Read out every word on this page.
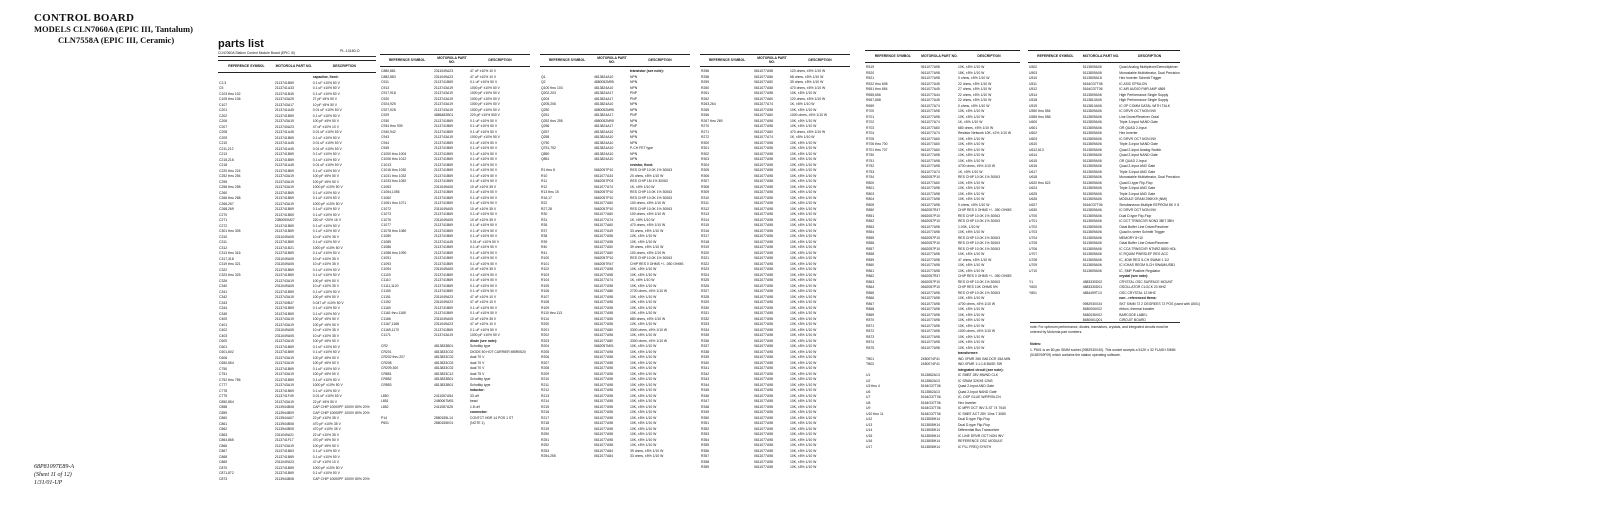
CONTROL BOARD
MODELS CLN7060A (EPIC III, Tantalum)
CLN7558A (EPIC III, Ceramic)	parts list
CLN7060A Station Control Module Board (EPIC III)	PL-13180-O
REFERENCE SYMBOL	MOTOROLA PART NO.	DESCRIPTION
capacitor, fixed:
C2,3	2113741B69	0.1 uF ±10% 50 V
C5	2113741A33	0.1 uF ±10% 50 V
C103 thru 102	2113741B45	0.1 uF ±10% 50 V
C105 thru 106	2113743A25	27 pF ±5% 50 V
C107	2113743A17	10 pF ±5% 50 V
C201	2113741A45	0.01 uF ±10% 50 V
C202	2113741B69	0.1 uF ±10% 50 V
C206	2113743A19	100 pF ±5% 50 V
C207	2113740A23	47 uF ±10% 10 V
C208	2113741A45	0.01 uF ±10% 50 V
C209	2113741B69	0.1 uF ±10% 50 V
C210	2113741A45	0.01 uF ±10% 50 V
C211,212	2113741A45	0.01 uF ±10% 50 V
C213	2113741B69	0.1 uF ±10% 50 V
C215,216	2113741B69	0.1 uF ±10% 50 V
C218	2113741A45	0.01 uF ±10% 50 V
C220 thru 224	2113741B69	0.1 uF ±10% 50 V
C252 thru 254	2113743A19	100 pF ±5% 50 V
C255	2113743A19	100 pF ±5% 50 V
C256 thru 258	2113743A19	1000 pF ±10% 50 V
C260	2113741B69	0.1 uF ±10% 50 V
C266 thru 268	2113741B69	0.1 uF ±10% 50 V
C266,267	2113743A19	1000 pF ±10% 50 V
C268,269	2113741B69	0.1 uF ±10% 50 V
C270	2113741B69	0.1 uF ±10% 50 V
C271	2380090M27	220 uF +20% 16 V
C272	2113741B69	0.1 uF ±10% 50 V
C301 thru 305	2113741B69	0.1 uF ±10% 50 V
C310	2311049A05	10 uF ±10% 35 V
C311	2113741B69	0.1 uF ±10% 50 V
C312	2113741B21	1000 pF ±10% 50 V
C313 thru 316	2113741B69	0.1 uF ±10% 50 V
C317,318	2311049A05	10 uF ±10% 35 V
C319 thru 321	2311049A05	10 uF ±10% 35 V
C322	2113741B69	0.1 uF ±10% 50 V
C323 thru 325	2113741B69	0.1 uF ±10% 50 V
C326	2113743A19	100 pF ±5% 50 V
C340	2311049A05	10 uF ±10% 35 V
C341	2113741B69	0.1 uF ±10% 50 V
C342	2113743A19	100 pF ±5% 50 V
C343	2113740B47	0.047 uF ±10% 50 V
C344	2113741B69	0.1 uF ±10% 50 V
C345	2113741B69	0.1 uF ±10% 50 V
C400	2113743A19	100 pF ±5% 50 V
C401	2113743A19	100 pF ±5% 50 V
C402	2311049A05	10 uF ±10% 35 V
C403	2311049A05	10 uF ±10% 35 V
C600	2113743A19	100 pF ±5% 50 V
C601	2113741B69	0.1 uF ±10% 50 V
C601,602	2113741B69	0.1 uF ±10% 50 V
C606	2113743A19	100 pF ±5% 50 V
C650,654	2113743A19	100 pF ±5% 50 V
C750	2113741B69	0.1 uF ±10% 50 V
C751	2113743A19	100 pF ±5% 50 V
C752 thru 756	2113741B69	0.1 uF ±10% 50 V
C777	2113743A19	1000 pF ±10% 50 V
C778	2113741B69	0.1 uF ±10% 50 V
C779	2113741F49	0.01 uF ±10% 50 V
C850,854	2113743A19	22 pF ±5% 50 V
C858	2113944B08	CAP CHIP 10000PF 1000V 80% 20%
C859	2113944B09	CAP CHIP 10000PF 1000V 80% 20%
C860	2113944A07	22 pF ±10% 35 V
C861	2113944B08	470 pF ±10% 35 V
C862	2113944B05	470 pF ±10% 35 V
C863	2311049A21	22 uF ±10% 35 V
C864,865	2113741F17	470 pF ±5% 50 V
C866	2113743A19	100 pF ±5% 50 V
C867	2113741B63	0.1 uF ±10% 50 V
C868	2113741B69	0.1 uF ±10% 50 V
C869	2311049A23	47 uF ±10% 10 V
C870	2113741B69	1000 pF ±10% 50 V
C871,872	2113741B69	0.1 uF ±10% 50 V
C873	2113944B08	CAP CHIP 10000PF 1000V 80% 20%
REFERENCE SYMBOL	MOTOROLA PART NO.	DESCRIPTION
C880,881	2311049A23	47 uF ±10% 10 V
C882,883	2311049A23	47 uF ±10% 10 V
C911	2113741B69	0.1 uF ±10% 50 V
C913	2113743A19	1000 pF ±10% 50 V
C917,918	2113743A19	1000 pF ±10% 50 V
C920	2113743A19	1000 pF ±10% 50 V
C924,925	2113743A19	1000 pF ±10% 50 V
C927,928	2113743A19	1000 pF ±10% 50 V
C929	4886482B01	220 pF ±10% 500 V
C930	2113741B69	0.1 uF ±10% 50 V
C934 thru 939	2113741B69	0.1 uF ±10% 50 V
C940,942	2113741B69	0.1 uF ±10% 50 V
C943	2113743A19	1000 pF ±10% 50 V
C944	2113741B69	0.1 uF ±10% 50 V
C945	2113741B69	0.1 uF ±10% 50 V
C1000 thru 1004	2113741B69	0.1 uF ±10% 50 V
C1006 thru 1012	2113741B69	0.1 uF ±10% 50 V
C1013	2113741B69	0.1 uF ±10% 50 V
C1016 thru 1030	2113741B69	0.1 uF ±10% 50 V
C1031 thru 1032	2113741B69	0.1 uF ±10% 50 V
C1033 thru 1052	2113741B69	0.1 uF ±10% 50 V
C1053	2311049A05	10 uF ±10% 35 V
C1054,1055	2113741B69	0.1 uF ±10% 50 V
C1060	2113741B69	0.1 uF ±10% 50 V
C1061 thru 1071	2113741B69	0.1 uF ±10% 50 V
C1072	2311049A05	10 uF ±10% 35 V
C1073	2113741B69	0.1 uF ±10% 50 V
C1076	2311049A05	10 uF ±10% 35 V
C1077	2113741B69	0.1 uF ±10% 50 V
C1078 thru 1080	2113741B69	0.1 uF ±10% 50 V
C1080	2113741B69	0.1 uF ±10% 50 V
C1085	2113741A45	0.01 uF ±10% 50 V
C1086	2113741B69	0.1 uF ±10% 50 V
C1088 thru 1090	2113741B69	0.1 uF ±10% 50 V
C1091	2113741B69	0.1 uF ±10% 50 V
C1093	2113741B69	0.1 uF ±10% 50 V
C1094	2311049A05	10 uF ±10% 35 V
C1100	2113741B69	0.1 uF ±10% 50 V
C1110	2113741B69	0.1 uF ±10% 50 V
C1111,1120	2113741B69	0.1 uF ±10% 50 V
C1150	2113741B69	0.1 uF ±10% 50 V
C1151	2311049A23	47 uF ±10% 10 V
C1152	2311049A23	47 uF ±10% 10 V
C1160	2113741B69	0.1 uF ±10% 50 V
C1161 thru 1165	2113741B69	0.1 uF ±10% 50 V
C1166	2311049A05	10 uF ±10% 35 V
C1167,1168	2311049A23	47 uF ±10% 10 V
C1169,1170	2113741B69	0.1 uF ±10% 50 V
C1171	2113743A19	1000 pF ±10% 50 V
diode (see note):
CR2	4813833B01	Schottky type
CR201	4813833C02	DIODE 80 HOT CARRIER MBR0520
CR202 thru 207	4813833C02	dual 70 V
CR208	4813833C02	dual 70 V
CR209,300	4813833C02	dual 70 V
CR851	4813833C12	dual 75 V
CR852	4813833B01	Schottky type
CR853	4813833B01	Schottky type
inductor:
L850	2411087A54	33 uH
L851	2480067M01	bead
L852	2411087A25	1.8 uH
connector:
P14	2880155L14	CONTCT HDR 14 POS 1 ST
P601	2880155K01	(NOTE 1)
REFERENCE SYMBOL	MOTOROLA PART NO.	DESCRIPTION
transistor (see note):
Q1	4813824A10	NPN
Q2	4880052M95	NPN
Q100 thru 103	4813824A10	NPN
Q202,203	4813824A17	PNP
Q204	4813824A17	PNP
Q205,206	4813824A10	NPN
Q250	4880052M95	NPN
Q251	4813824A17	PNP
Q252 thru 255	4880052M95	NPN
Q256	4813824A17	PNP
Q257	4813824A10	NPN
Q258	4813824A10	NPN
Q750	4813824A10	NPN
Q751,752	4813824A10	P-CH FET type
Q850	4813824A10	NPN
Q851	4813824A10	NPN
resistor, fixed:
R1 thru 8	0662057P10	RES CHIP 10.0K 1% 30063
R10	0611077A34	20 ohms, ±5% 1/10 W
R11	0662057P03	RES CHIP 1M 1% 30063
R12	0611077A74	1K, ±5% 1/10 W
R13 thru 15	0662057P10	RES CHIP 10.0K 1% 30063
R16,17	0662057P10	RES CHIP 10.0K 1% 30063
R22	0611077A60	100 ohms, ±5% 1/10 W
R27,28	0662057P10	RES CHIP 10.0K 1% 30063
R30	0611077A60	100 ohms, ±5% 1/10 W
R31	0611077A74	1K, ±5% 1/10 W
R35	0611077A60	470 ohms, ±5% 1/10 W
R37	0611077A49	33 ohms, ±5% 1/10 W
R38	0611077A98	10K, ±5% 1/10 W
R39	0611077A98	10K, ±5% 1/10 W
R40	0611077A50	39 ohms, ±5% 1/10 W
R41	0611077A60	100 ohms, ±5% 1/10 W
R100	0662057P10	RES CHIP 10.0K 1% 30063
R101	0662057R47	CHIP RES 0 OHMS +/- .050 OHMS
R102	0611077A98	10K, ±5% 1/10 W
R103	0611077A98	10K, ±5% 1/10 W
R104	0611077A74	1K, ±5% 1/10 W
R105	0611077A98	10K, ±5% 1/10 W
R106	0611077A86	2700 ohms, ±5% 1/10 W
R107	0611077A98	10K, ±5% 1/10 W
R108	0611077A98	10K, ±5% 1/10 W
R109	0611077A98	10K, ±5% 1/10 W
R110 thru 113	0611077A98	10K, ±5% 1/10 W
R114	0611077A55	680 ohms, ±5% 1/10 W
R200	0611077A98	10K, ±5% 1/10 W
R201	0611077A80	3300 ohms, ±5% 1/10 W
R202	0611077A98	10K, ±5% 1/10 W
R203	0611077A80	3300 ohms, ±5% 1/10 W
R204	0662057M01	10K, ±5% 1/10 W
R205	0611077A98	10K, ±5% 1/10 W
R206	0611077A98	10K, ±5% 1/10 W
R207	0611077A98	10K, ±5% 1/10 W
R208	0611077A98	10K, ±5% 1/10 W
R209	0611077A98	10K, ±5% 1/10 W
R210	0611077A98	10K, ±5% 1/10 W
R211	0611077A98	10K, ±5% 1/10 W
R212	0611077A98	10K, ±5% 1/10 W
R213	0611077A98	10K, ±5% 1/10 W
R214	0611077A98	10K, ±5% 1/10 W
R215	0611077A98	10K, ±5% 1/10 W
R216	0611077A98	10K, ±5% 1/10 W
R217	0611077A98	10K, ±5% 1/10 W
R218	0611077A98	10K, ±5% 1/10 W
R219	0611077A98	10K, ±5% 1/10 W
R250	0611077A98	10K, ±5% 1/10 W
R251	0611077A98	10K, ±5% 1/10 W
R252	0611077A98	10K, ±5% 1/10 W
R253	0611077A84	39 ohms, ±5% 1/10 W
R254,255	0611077A84	33 ohms, ±5% 1/10 W
REFERENCE SYMBOL	MOTOROLA PART NO.	DESCRIPTION
R256	0611077A98	120 ohms, ±5% 1/10 W
R258	0611077A56	68 ohms, ±5% 1/10 W
R259	0611077A50	39 ohms, ±5% 1/10 W
R260	0611077A58	470 ohms, ±5% 1/10 W
R261	0611077A98	10K, ±5% 1/10 W
R262	0611077A60	120 ohms, ±5% 1/10 W
R263,264	0611077A74	1K, ±5% 1/10 W
R265	0611077A98	10K, ±5% 1/10 W
R266	0611077A60	1000 ohms, ±5% 1/10 W
R267 thru 269	0611077A98	10K, ±5% 1/10 W
R270	0611077A98	10K, ±5% 1/10 W
R271	0611077A60	470 ohms, ±5% 1/10 W
R272	0611077A74	1K, ±5% 1/10 W
R300	0611077A98	10K, ±5% 1/10 W
R301	0611077A98	10K, ±5% 1/10 W
R302	0611077A98	10K, ±5% 1/10 W
R303	0611077A98	10K, ±5% 1/10 W
R304	0611077A98	10K, ±5% 1/10 W
R305	0611077A98	10K, ±5% 1/10 W
R306	0611077A98	10K, ±5% 1/10 W
R307	0611077A98	10K, ±5% 1/10 W
R308	0611077A98	10K, ±5% 1/10 W
R309	0611077A98	10K, ±5% 1/10 W
R310	0611077A98	10K, ±5% 1/10 W
R311	0611077A98	10K, ±5% 1/10 W
R312	0611077A98	10K, ±5% 1/10 W
R313	0611077A98	10K, ±5% 1/10 W
R314	0611077A98	10K, ±5% 1/10 W
R315	0611077A98	10K, ±5% 1/10 W
R316	0611077A98	10K, ±5% 1/10 W
R317	0611077A98	10K, ±5% 1/10 W
R318	0611077A98	10K, ±5% 1/10 W
R319	0611077A98	10K, ±5% 1/10 W
R320	0611077A98	10K, ±5% 1/10 W
R321	0611077A98	10K, ±5% 1/10 W
R322	0611077A98	10K, ±5% 1/10 W
R323	0611077A98	10K, ±5% 1/10 W
R324	0611077A98	10K, ±5% 1/10 W
R325	0611077A98	10K, ±5% 1/10 W
R326	0611077A98	10K, ±5% 1/10 W
R327	0611077A98	10K, ±5% 1/10 W
R328	0611077A98	10K, ±5% 1/10 W
R329	0611077A98	10K, ±5% 1/10 W
R330	0611077A98	10K, ±5% 1/10 W
R331	0611077A98	10K, ±5% 1/10 W
R332	0611077A98	10K, ±5% 1/10 W
R333	0611077A98	10K, ±5% 1/10 W
R334	0611077A98	10K, ±5% 1/10 W
R335	0611077A98	10K, ±5% 1/10 W
R336	0611077A98	10K, ±5% 1/10 W
R337	0611077A98	10K, ±5% 1/10 W
R338	0611077A98	10K, ±5% 1/10 W
R339	0611077A98	10K, ±5% 1/10 W
R340	0611077A98	10K, ±5% 1/10 W
R341	0611077A98	10K, ±5% 1/10 W
R342	0611077A98	10K, ±5% 1/10 W
R343	0611077A98	10K, ±5% 1/10 W
R344	0611077A98	10K, ±5% 1/10 W
R345	0611077A98	10K, ±5% 1/10 W
R346	0611077A98	10K, ±5% 1/10 W
R347	0611077A98	10K, ±5% 1/10 W
R348	0611077A98	10K, ±5% 1/10 W
R349	0611077A98	10K, ±5% 1/10 W
R350	0611077A98	10K, ±5% 1/10 W
R351	0611077A98	10K, ±5% 1/10 W
R352	0611077A98	10K, ±5% 1/10 W
R353	0611077A98	10K, ±5% 1/10 W
R354	0611077A98	10K, ±5% 1/10 W
R355	0611077A98	10K, ±5% 1/10 W
R356	0611077A98	10K, ±5% 1/10 W
R357	0611077A98	10K, ±5% 1/10 W
R358	0611077A98	10K, ±5% 1/10 W
R359	0611077A98	10K, ±5% 1/10 W
REFERENCE SYMBOL	MOTOROLA PART NO.	DESCRIPTION
R519	0611077A98	10K, ±5% 1/10 W
R520	0611077A98	18K, ±5% 1/10 W
R521	0611077A98	0 ohms, ±5% 1/10 W
R522 thru 608	0611077A45	22 ohms, ±5% 1/10 W
R651 thru 654	0611077A45	27 ohms, ±5% 1/10 W
R655,656	0611077A44	22 ohms, ±5% 1/10 W
R657,658	0611077A45	22 ohms, ±5% 1/10 W
R659	0611077A74	0 ohms, ±5% 1/10 W
R700	0611077A98	10K, ±5% 1/10 W
R701	0611077A98	10K, ±5% 1/10 W
R702	0611077A74	1K, ±5% 1/10 W
R703	0611077A60	680 ohms, ±5% 1/10 W
R704	0611077A74	Resistor Network 10K, ±2% 1/10 W
R705	0611077A60	10K, ±5% 1/10 W
R706 thru 700	0611077A60	10K, ±5% 1/10 W
R701 thru 707	0611077A60	10K, ±5% 1/10 W
R750	0611077A98	10K, ±5% 1/10 W
R751	0611077A98	10K, ±5% 1/10 W
R752	0611077A98	4700 ohms, ±5% 1/10 W
R753	0611077A74	1K, ±5% 1/10 W
R754	0662057P10	RES CHIP 10.0K 1% 30063
R800	0611077A60	10K, ±5% 1/10 W
R801	0611077A98	10K, ±5% 1/10 W
R803	0611077A98	10K, ±5% 1/10 W
R804	0611077A98	10K, ±5% 1/10 W
R805	0611077A98	0 ohms, ±5% 1/10 W
R850	0662057R47	CHIP RES 0 OHMS +/- .050 OHMS
R851	0662057P10	RES CHIP 10.0K 1% 30063
R852	0662057P10	RES CHIP 10.0K 1% 30063
R853	0611077A98	1.00K, 1/10 W
R854	0611077A98	10K, ±5% 1/10 W
R855	0662057P10	RES CHIP 10.0K 1% 30063
R856	0662057P10	RES CHIP 10.0K 1% 30063
R857	0662057P10	RES CHIP 10.0K 1% 30063
R858	0611077A98	10K, ±5% 1/10 W
R859	0611077A98	47 ohms, ±5% 1/10 W
R860	0611077A98	10K, ±5% 1/10 W
R861	0611077A98	10K, ±5% 1/10 W
R862	0662057R47	CHIP RES 0 OHMS +/- .050 OHMS
R863	0662057P10	RES CHIP 10.0K 1% 30063
R864	0662057P10	CHIP RES 10K OHMS 5%
R865	0611077A98	RES CHIP 10.0K 1% 30063
R866	0611077A98	10K, ±5% 1/10 W
R867	0611077A98	4700 ohms, ±5% 1/10 W
R868	0611077A98	10K, ±5% 1/10 W
R869	0611077A98	10K, ±5% 1/10 W
R870	0611077A98	10K, ±5% 1/10 W
R871	0611077A98	10K, ±5% 1/10 W
R872	0611077A98	1000 ohms, ±5% 1/10 W
R873	0611077A98	10K, ±5% 1/10 W
R874	0611077A98	10K, ±5% 1/10 W
R875	0611077A98	10K, ±5% 1/10 W
transformer:
TB01	2480074F41	IND XFMR 26K IMA DCR 15A MIN
TB02	2480074F41	IND XFMR 1:1:1:8 BASE SW
integrated circuit (see note):
U1	5113862A13	IC SMBT 28V MWND CLK
U2	5113862A13	IC SRAM 32KX8 12NS
U3 thru 4	5164G37T06	Quad 2-Input AND Gate
U6	5113862A13	Quad 2-Input NAND Gate
U7	5164G37T06	IC, DSP GLUE W/RP05LCN
U8	5164G37T06	Hex Inverter
U9	5164G37T06	IC MPR OCT INV 3-ST 74 7040
U10 thru 11	5164G37T06	IC SMBT ACT 28V 10ns 7 3080
U12	5113808H14	Dual D-type Flip-Flop
U13	5113808H14	Dual D-type Flip-Flop
U14	5113808H14	Differential Bus Transceiver
U15	5113808H14	IC LINE DRVR OCT NON INV
U16	5113808H14	REFERENCE OSC MODULE
U17	5113808H14	IC PLL FREQ SYNTH
REFERENCE SYMBOL	MOTOROLA PART NO.	DESCRIPTION
U502	5113809A06	Quad Analog Multiplexer/Demultiplexer
U503	5113809A06	Monostable Multivibrator, Dual Precision
U510	5113809A18	Hex Inverter Schmitt Trigger
U511	5164G37T08	IC ASIC EPSILON
U512	5164G37T06	IC AIR AUDIO FMR AMP 4869
U514	5113809A06	High Performance Single Supply
U518	5113810A06	High Performance Single Supply
U519	5113810A06	IC OP COMM DATAL WITH TALK
U550 thru 554	5113809A06	IC DRVR OCT NON INV
U555 thru 558	5113809A06	Line Driver/Receiver Octal
U600	5113809A06	Triple 3-Input NAND Gate
U601	5113809A06	OR QUAD 2-Input
U602	5113809A06	Hex Inverter
U603	5113809A06	IC DRVR OCT NON INV
U610	5113809A06	Triple 3-Input NAND Gate
U612,613	5113809A06	Quad 2-Input Analog Switch
U614	5113809A06	Quad 2-Input NAND Gate
U615	5113809A06	OR QUAD 2-Input
U616	5113809A06	Quad 2-Input AND Gate
U617	5113809A06	Triple 3-Input AND Gate
U618	5113809A06	Monostable Multivibrator, Dual Precision
U620 thru 622	5113809A06	Quad D-type Flip-Flop
U624	5113809A06	Triple 3-Input AND Gate
U625	5113809A06	Triple 3-Input AND Gate
U626	5113809A06	MODULE DRAM 256KX9 (NMI)
U627	5164G37T06	Simultaneous Multiple EEPROM 8K X 8
U630	5113809A06	IC DRVR OCT NON INV
U700	5113809A06	Dual D-type Flip-Flop
U701	5113809A06	IC DCT TRNSCVR NON3 3BIT 3BN
U702	5113809A06	Octal Buffer Line Driver/Receiver
U703	5113809A06	Quad In-verter Schmitt Trigger
U704	5113809A06	MEMORY 8+10
U705	5113809A06	Octal Buffer Line Driver/Receiver
U706	5113809A06	IC CCA TRNSCVR NTNRZ 8800 HDL
U707	5113809A06	IC RQUIM PWRSLEF REG ACC
U708	5113809A06	IC, 4DW REG 5-CH SWAM 1 1/2
U709	5113809A06	IC ICHAS REGM 5-CH SWAM/USB1
U710	5113809A06	IC, SMP Positive Regulator
crystal (see note):
Y1	4883330D02	CRYSTAL OSC SURFACE MOUNT
Y600	4883330D01	OSCILLATOR CLOCK 20 MHZ
Y801	4884499T13	OSC CRYSTAL 12 MHZ
non - referenced items:
0982930X34	SKT SIMM 72 2 DEGREES 72 POS (used with U501)
5480006X02	ribbon, thermal transfer
5480036X02	BARCODE LABEL
8480061Q01	CIRCUIT BOARD
note: For optimum performance, diodes, transistors, crystals, and integrated circuits must be ordered by Motorola part numbers.
Notes:
1. P601 is an 80-pin SIMM socket (0982930X40). This socket accepts a 512K x 32 FLASH SIMM (5185769F09) which contains the station operating software.
68P81097E89-A
(Sheet 11 of 12)
1/31/01-UP
